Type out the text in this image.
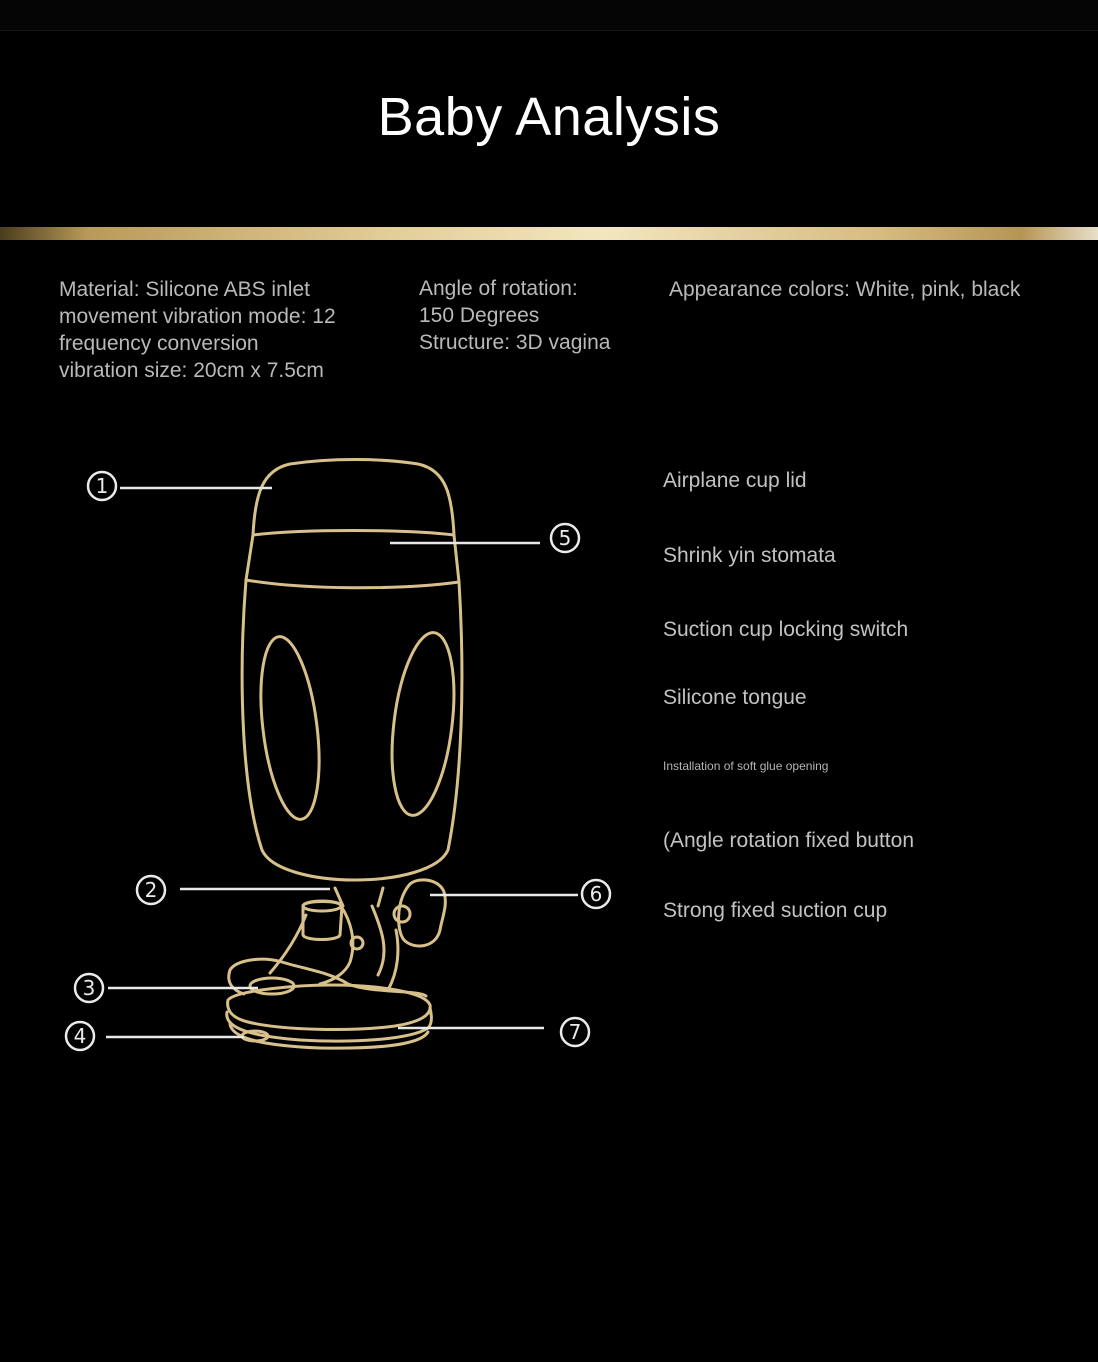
Baby Analysis
Material: Silicone ABS inlet
movement vibration mode: 12
frequency conversion
vibration size: 20cm x 7.5cm
Angle of rotation:
150 Degrees
Structure: 3D vagina
Appearance colors: White, pink, black
1
2
3
4
5
6
7
Airplane cup lid
Shrink yin stomata
Suction cup locking switch
Silicone tongue
Installation of soft glue opening
(Angle rotation fixed button
Strong fixed suction cup
